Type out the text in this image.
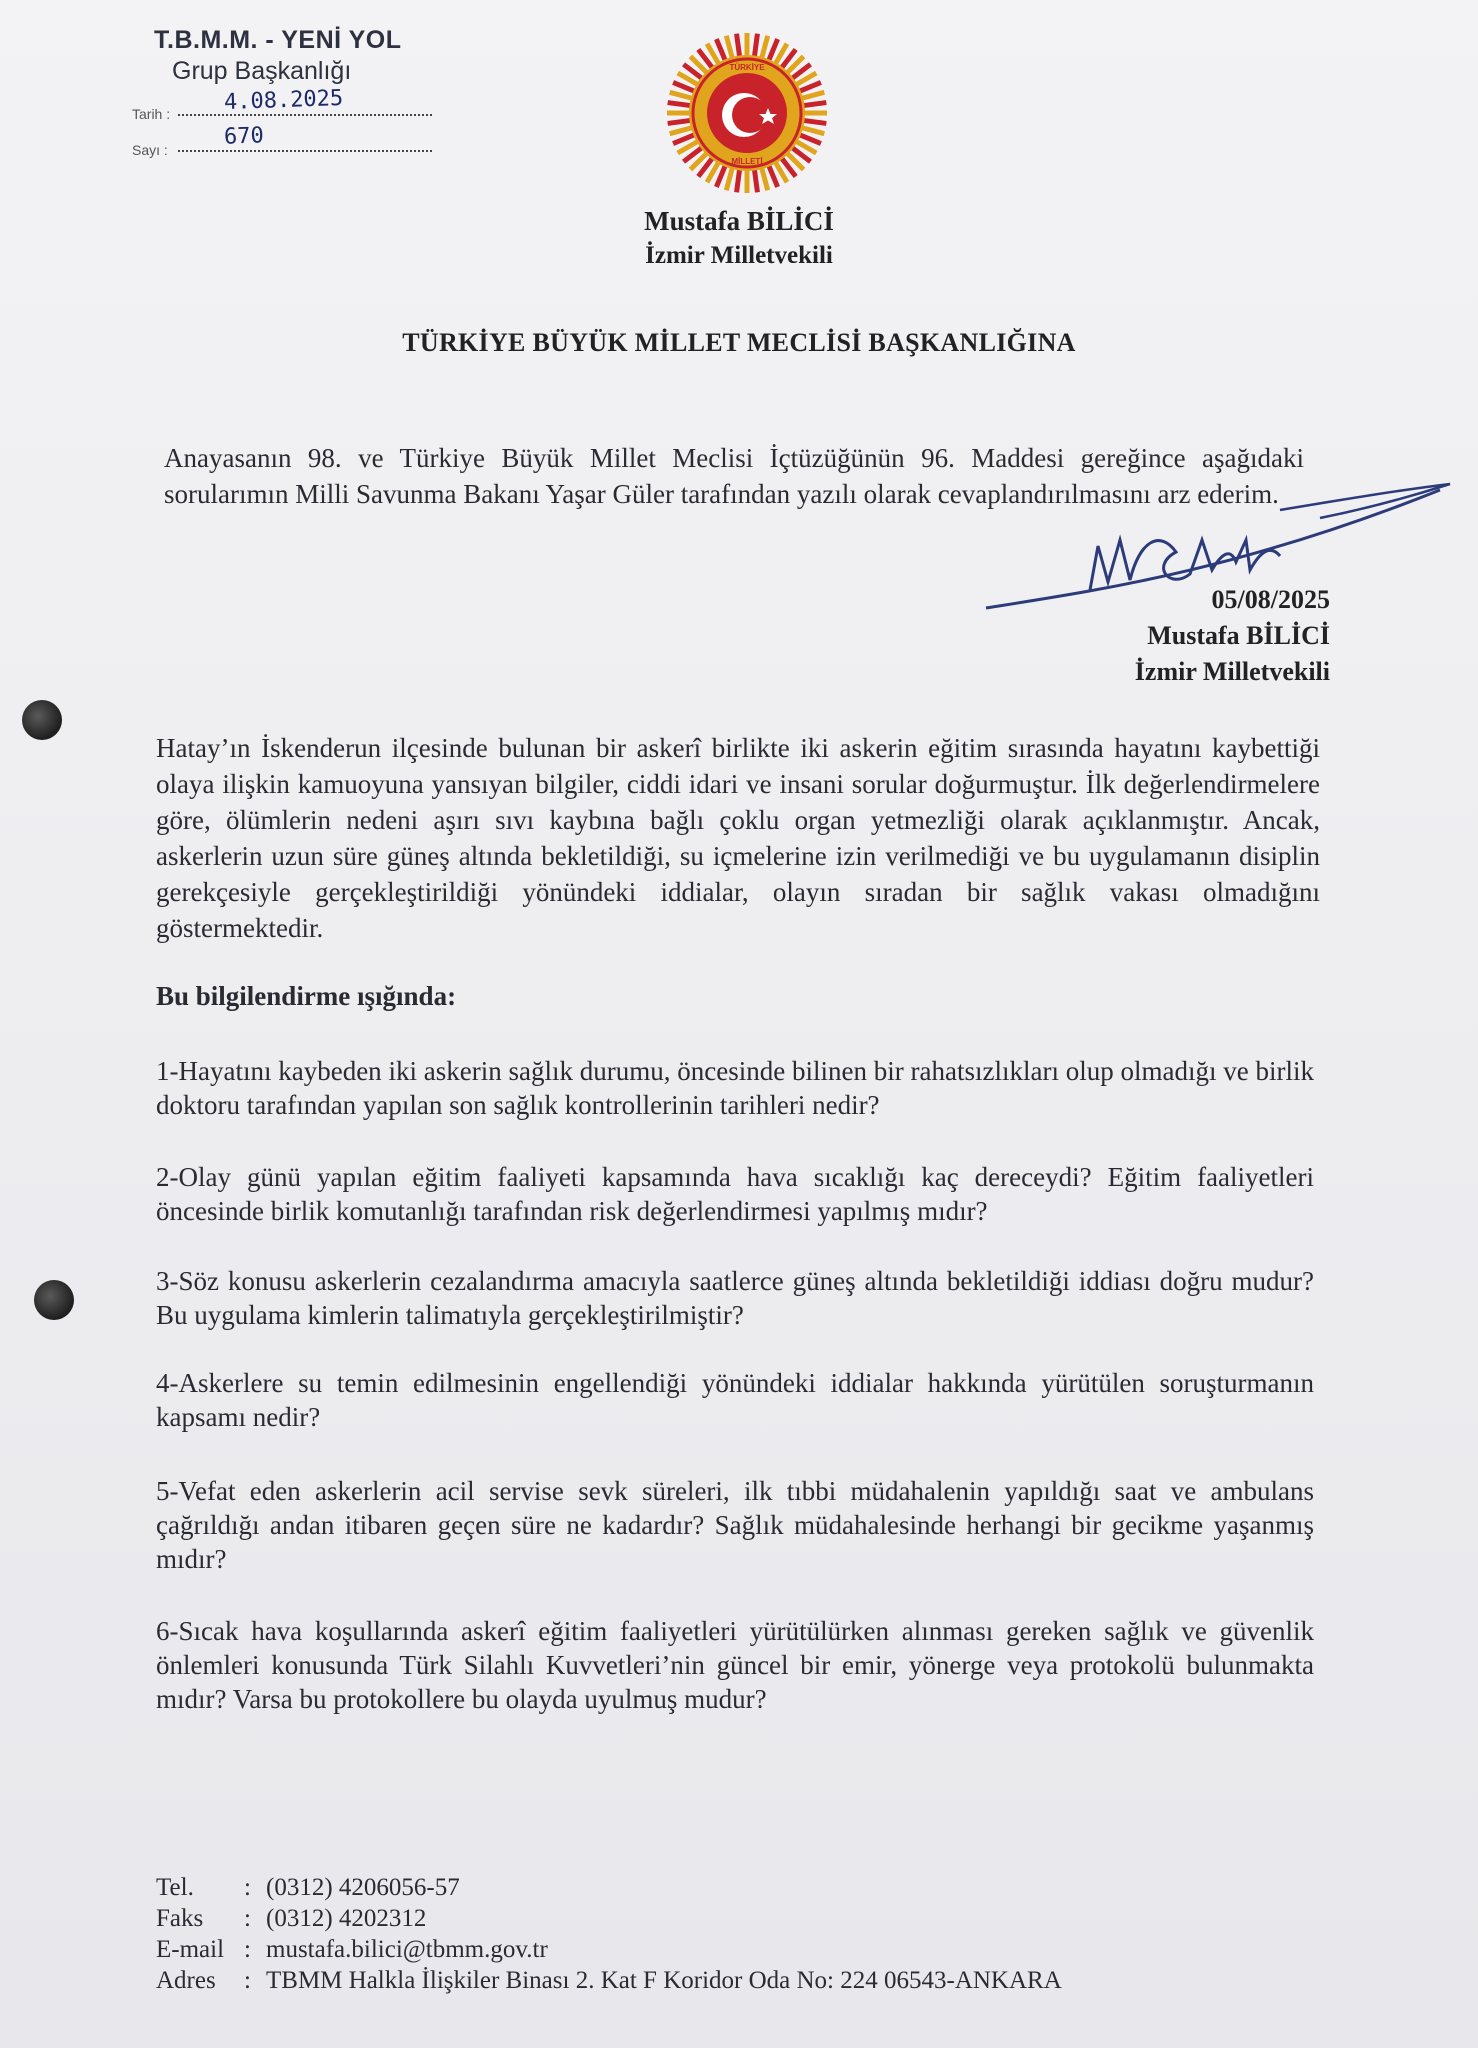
T.B.M.M. - YENİ YOL
Grup Başkanlığı
Tarih : 4.08.2025
Sayı :
670
TÜRKİYE
MİLLETİ
Mustafa BİLİCİ
İzmir Milletvekili
TÜRKİYE BÜYÜK MİLLET MECLİSİ BAŞKANLIĞINA
Anayasanın 98. ve Türkiye Büyük Millet Meclisi İçtüzüğünün 96. Maddesi gereğince aşağıdaki sorularımın Milli Savunma Bakanı Yaşar Güler tarafından yazılı olarak cevaplandırılmasını arz ederim.
05/08/2025
Mustafa BİLİCİ
İzmir Milletvekili
Hatay’ın İskenderun ilçesinde bulunan bir askerî birlikte iki askerin eğitim sırasında hayatını kaybettiği olaya ilişkin kamuoyuna yansıyan bilgiler, ciddi idari ve insani sorular doğurmuştur. İlk değerlendirmelere göre, ölümlerin nedeni aşırı sıvı kaybına bağlı çoklu organ yetmezliği olarak açıklanmıştır. Ancak, askerlerin uzun süre güneş altında bekletildiği, su içmelerine izin verilmediği ve bu uygulamanın disiplin gerekçesiyle gerçekleştirildiği yönündeki iddialar, olayın sıradan bir sağlık vakası olmadığını göstermektedir.
Bu bilgilendirme ışığında:
1-Hayatını kaybeden iki askerin sağlık durumu, öncesinde bilinen bir rahatsızlıkları olup olmadığı ve birlik doktoru tarafından yapılan son sağlık kontrollerinin tarihleri nedir?
2-Olay günü yapılan eğitim faaliyeti kapsamında hava sıcaklığı kaç dereceydi? Eğitim faaliyetleri öncesinde birlik komutanlığı tarafından risk değerlendirmesi yapılmış mıdır?
3-Söz konusu askerlerin cezalandırma amacıyla saatlerce güneş altında bekletildiği iddiası doğru mudur? Bu uygulama kimlerin talimatıyla gerçekleştirilmiştir?
4-Askerlere su temin edilmesinin engellendiği yönündeki iddialar hakkında yürütülen soruşturmanın kapsamı nedir?
5-Vefat eden askerlerin acil servise sevk süreleri, ilk tıbbi müdahalenin yapıldığı saat ve ambulans çağrıldığı andan itibaren geçen süre ne kadardır? Sağlık müdahalesinde herhangi bir gecikme yaşanmış mıdır?
6-Sıcak hava koşullarında askerî eğitim faaliyetleri yürütülürken alınması gereken sağlık ve güvenlik önlemleri konusunda Türk Silahlı Kuvvetleri’nin güncel bir emir, yönerge veya protokolü bulunmakta mıdır? Varsa bu protokollere bu olayda uyulmuş mudur?
Tel.	: (0312) 4206056-57
Faks	: (0312) 4202312
E-mail : mustafa.bilici@tbmm.gov.tr
Adres	: TBMM Halkla İlişkiler Binası 2. Kat F Koridor Oda No: 224 06543-ANKARA
